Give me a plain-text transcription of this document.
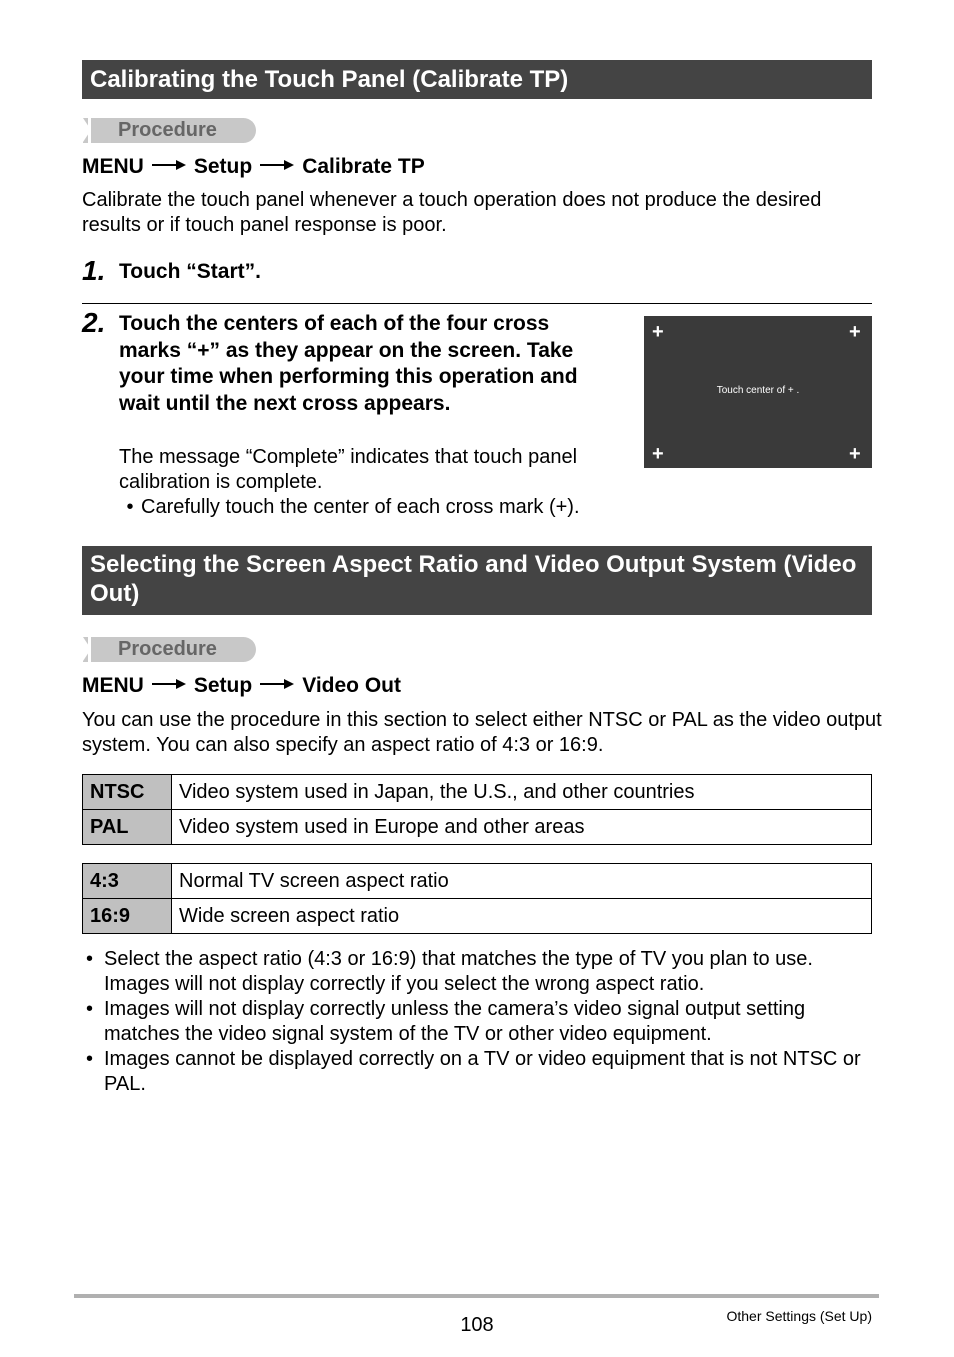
Calibrating the Touch Panel (Calibrate TP)
Procedure
MENU Setup Calibrate TP
Calibrate the touch panel whenever a touch operation does not produce the desired results or if touch panel response is poor.
1. Touch “Start”.
2. Touch the centers of each of the four cross marks “+” as they appear on the screen. Take your time when performing this operation and wait until the next cross appears.
The message “Complete” indicates that touch panel calibration is complete.
• Carefully touch the center of each cross mark (+).
+	+
+	+
Touch center of + .
Selecting the Screen Aspect Ratio and Video Output System (Video Out)
Procedure
MENU Setup Video Out
You can use the procedure in this section to select either NTSC or PAL as the video output system. You can also specify an aspect ratio of 4:3 or 16:9.
NTSC	Video system used in Japan, the U.S., and other countries
PAL	Video system used in Europe and other areas
4:3	Normal TV screen aspect ratio
16:9	Wide screen aspect ratio
• Select the aspect ratio (4:3 or 16:9) that matches the type of TV you plan to use. Images will not display correctly if you select the wrong aspect ratio.
• Images will not display correctly unless the camera’s video signal output setting matches the video signal system of the TV or other video equipment.
• Images cannot be displayed correctly on a TV or video equipment that is not NTSC or PAL.
108	Other Settings (Set Up)
